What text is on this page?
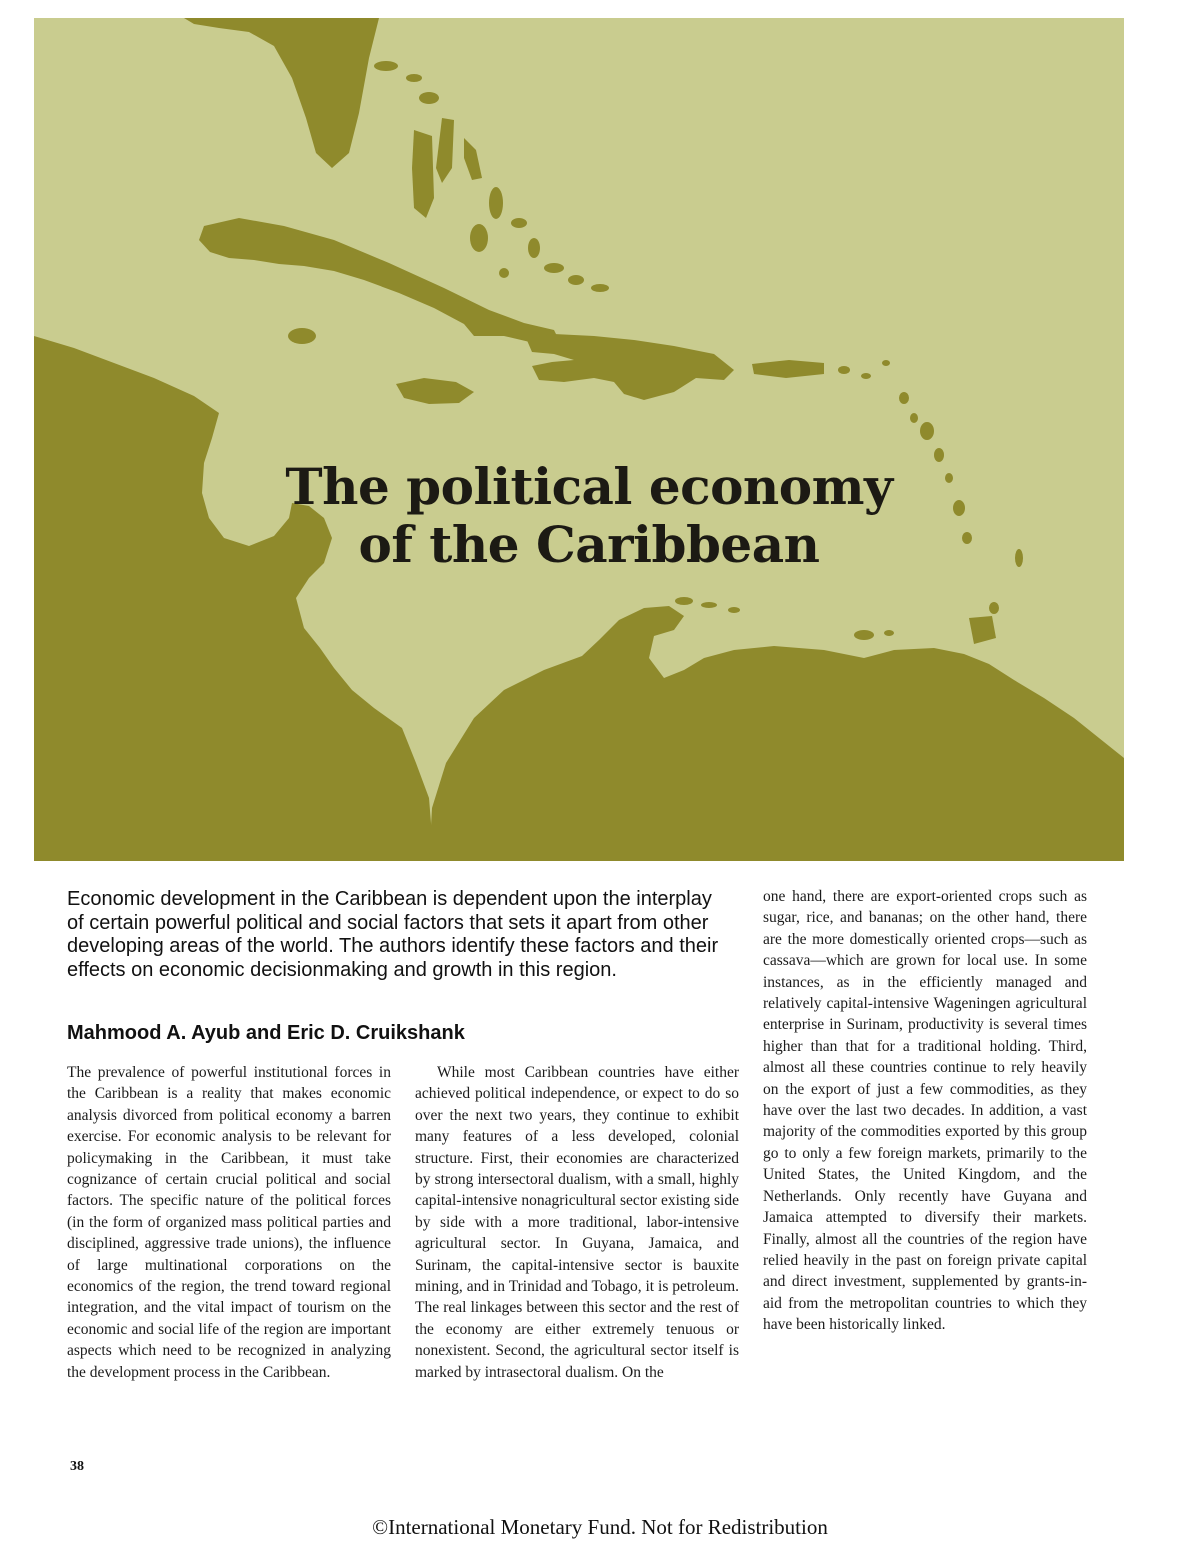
The political economy
of the Caribbean
Economic development in the Caribbean is dependent upon the interplay of certain powerful political and social factors that sets it apart from other developing areas of the world. The authors identify these factors and their effects on economic decisionmaking and growth in this region.
Mahmood A. Ayub and Eric D. Cruikshank
The prevalence of powerful institutional forces in the Caribbean is a reality that makes economic analysis divorced from political economy a barren exercise. For economic analysis to be relevant for policymaking in the Caribbean, it must take cognizance of certain crucial political and social factors. The specific nature of the political forces (in the form of organized mass political parties and disciplined, aggressive trade unions), the influence of large multinational corporations on the economics of the region, the trend toward regional integration, and the vital impact of tourism on the economic and social life of the region are important aspects which need to be recognized in analyzing the development process in the Caribbean.
While most Caribbean countries have either achieved political independence, or expect to do so over the next two years, they continue to exhibit many features of a less developed, colonial structure. First, their economies are characterized by strong intersectoral dualism, with a small, highly capital-intensive nonagricultural sector existing side by side with a more traditional, labor-intensive agricultural sector. In Guyana, Jamaica, and Surinam, the capital-intensive sector is bauxite mining, and in Trinidad and Tobago, it is petroleum. The real linkages between this sector and the rest of the economy are either extremely tenuous or nonexistent. Second, the agricultural sector itself is marked by intrasectoral dualism. On the
one hand, there are export-oriented crops such as sugar, rice, and bananas; on the other hand, there are the more domestically oriented crops—such as cassava—which are grown for local use. In some instances, as in the efficiently managed and relatively capital-intensive Wageningen agricultural enterprise in Surinam, productivity is several times higher than that for a traditional holding. Third, almost all these countries continue to rely heavily on the export of just a few commodities, as they have over the last two decades. In addition, a vast majority of the commodities exported by this group go to only a few foreign markets, primarily to the United States, the United Kingdom, and the Netherlands. Only recently have Guyana and Jamaica attempted to diversify their markets. Finally, almost all the countries of the region have relied heavily in the past on foreign private capital and direct investment, supplemented by grants-in-aid from the metropolitan countries to which they have been historically linked.
38
©International Monetary Fund. Not for Redistribution
